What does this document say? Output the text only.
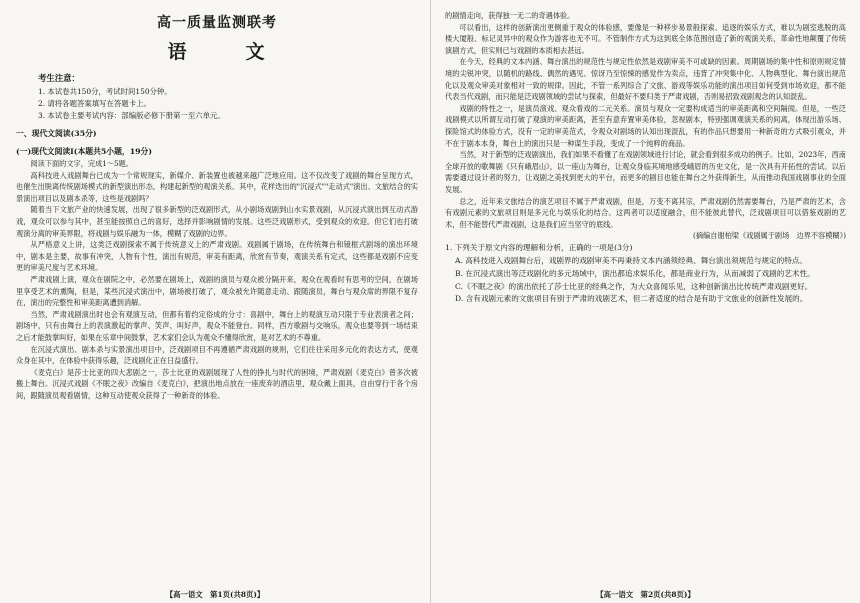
高一质量监测联考
语　文
考生注意：
1. 本试卷共150分，考试时间150分钟。
2. 请将各题答案填写在答题卡上。
3. 本试卷主要考试内容：部编版必修下册第一至六单元。
一、现代文阅读(35分)
(一)现代文阅读Ⅰ(本题共5小题，19分)

阅读下面的文字，完成1～5题。

高科技进入戏剧舞台已成为一个常规现实，新媒介、新装置也被越来越广泛地应用。这不仅改变了戏剧的舞台呈现方式，也催生出脱离传统剧场模式的新型演出形态，构建起新型的观演关系。其中，花样迭出的"沉浸式""走动式"演出、文旅结合的实景演出项目以及剧本杀等，这些是戏剧吗？

随着当下文旅产业的快速发展，出现了很多新型的泛戏剧形式，从小剧场戏剧到山水实景戏剧，从沉浸式演出到互动式游戏，观众可以参与其中，甚至能按照自己的喜好，选择并影响剧情的发展。这些泛戏剧形式，受到观众的欢迎。但它们也打破观演分离的审美界限，将戏剧与娱乐融为一体，模糊了戏剧的边界。

从严格意义上讲，这类泛戏剧探索不属于传统意义上的严肃戏剧。戏剧属于剧场，在传统舞台和镜框式剧场的演出环境中，剧本是主要，故事有冲突，人物有个性，演出有规范，审美有距离，欣赏有节奏，观演关系有定式，这些都是戏剧不应变更的审美尺度与艺术环境。

严肃戏剧上演，观众在剧院之中，必然要在剧场上，戏剧的演员与观众被分隔开来，观众在观看时有思考的空间，在剧场里享受艺术的熏陶，但是，某些沉浸式演出中，剧场被打破了，观众被允许随意走动、跟随演员，舞台与观众席的界限不复存在，演出的完整性和审美距离遭到消解。

当然，严肃戏剧演出时也会有观演互动，但都有着约定俗成的分寸：喜剧中，舞台上的观演互动只限于专业表演者之间；剧场中，只有由舞台上的表演激起的掌声、笑声、叫好声，观众不能登台。同样，西方歌剧与交响乐，观众也要等到一场结束之后才能鼓掌叫好，如果在乐章中间鼓掌，艺术家们会认为观众不懂得欣赏，是对艺术的不尊重。

在沉浸式演出、剧本杀与实景演出项目中，泛戏剧项目不再遵循严肃戏剧的规则，它们往往采用多元化的表达方式，使观众身在其中，在体验中获得乐趣，泛戏剧化正在日益盛行。

《麦克白》是莎士比亚的四大悲剧之一，莎士比亚的戏剧展现了人性的挣扎与时代的困境，严肃戏剧《麦克白》曾多次被搬上舞台。沉浸式戏剧《不眠之夜》改编自《麦克白》，把演出地点放在一座废弃的酒店里，观众戴上面具，自由穿行于各个房间，跟随演员观看剧情，这种互动使观众获得了一种新奇的体验。

【高一语文　第1页(共8页)】

的剧情走向，获得独一无二的奇遇体验。

可以看出，这样的创新演出更侧重于观众的体验感，要像是一种移步易景般探索、追逐的娱乐方式，难以为剧室逃脱的高楼大厦般、标记灵异中的观众作为游客也无不可。不管制作方式为这到底全体范围创造了新的观演关系，革命性地颠覆了传统演剧方式，但实则已与戏剧的本质相去甚远。

在今天，经典的文本内涵、舞台演出的规范性与规定性依然是戏剧审美不可或缺的因素。周期剧场的集中性和原则规定情境的尖锐冲突，以随机的路线、偶然的遇见、惊讶乃至惊悚的感觉作为卖点，违背了冲突集中化、人物典型化、舞台演出规范化以及观众审美对象相对一致的规律。因此，不管一系列综合了文旅、游戏等娱乐功能的演出项目如何受到市场欢迎，都不能代表当代戏剧，而只能是泛戏剧领域的尝试与探索，但最好不要归类于严肃戏剧，否则易招致戏剧观念的认知混乱。

戏剧的特性之一，是演员演戏、观众看戏的二元关系。演员与观众一定要构成适当的审美距离和空间隔阂。但是，一些泛戏剧模式以所谓互动打破了观演的审美距离，甚至有意弃置审美体验，忽视剧本，特别强调观演关系的间离，体现出游乐场、探险馆式的体验方式，没有一定的审美范式，令观众对剧场的认知出现混乱，有的作品只想要用一种新奇的方式吸引观众，并不在于剧本本身，舞台上的演出只是一种谋生手段，变成了一个纯粹的商品。

当然，对于新型的泛戏剧演出，我们如果不看懂了在戏剧领域进行讨论，就会看到很多成功的例子。比如，2023年，西南全球开放的歌舞剧《只有峨眉山》，以一座山为舞台，让观众身临其境地感受峨眉的历史文化，是一次具有开拓性的尝试。以后需要通过设计者的努力，让戏剧之美找到更大的平台，而更多的剧目也能在舞台之外获得新生，从而推动我国戏剧事业的全面发展。

总之，近年来文旅结合的演艺项目不属于严肃戏剧，但是，万变不离其宗，严肃戏剧仍然需要舞台，乃是严肃的艺术，含有戏剧元素的文旅项目则是多元化与娱乐化的结合。这两者可以适度融合，但不能彼此替代，泛戏剧项目可以借鉴戏剧的艺术，但不能替代严肃戏剧，这是我们应当坚守的底线。

(摘编自谢柏梁《戏剧属于剧场　边界不容模糊》)
1. 下列关于原文内容的理解和分析，正确的一项是(3分)
A. 高科技进入戏剧舞台后，戏剧界的戏剧审美不再秉持文本内涵须经典、舞台演出须规范与规定的特点。
B. 在沉浸式演出等泛戏剧化的多元场域中，演出都追求娱乐化，都是商业行为，从而减弱了戏剧的艺术性。
C.《不眠之夜》的演出依托了莎士比亚的经典之作，为大众喜闻乐见，这种创新演出比传统严肃戏剧更好。
D. 含有戏剧元素的文旅项目有别于严肃的戏剧艺术，但二者适度的结合是有助于文旅业的创新性发展的。
【高一语文　第2页(共8页)】
